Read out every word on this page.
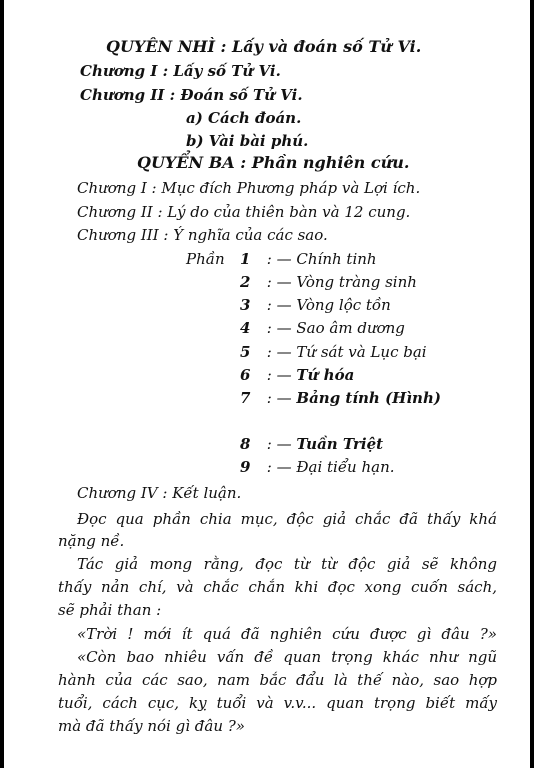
QUYÊN NHÌ : Lấy và đoán số Tử Vi.
Chương I : Lấy số Tử Vi.
Chương II : Đoán số Tử Vi.
a) Cách đoán.
b) Vài bài phú.
QUYỂN BA : Phần nghiên cứu.
Chương I : Mục đích Phương pháp và Lợi ích.
Chương II : Lý do của thiên bàn và 12 cung.
Chương III : Ý nghĩa của các sao.
Phần 1 : — Chính tinh
2 : — Vòng tràng sinh
3 : — Vòng lộc tồn
4 : — Sao âm dương
5 : — Tứ sát và Lục bại
6 : — Tứ hóa
7 : — Bảng tính (Hình)
8 : — Tuần Triệt
9 : — Đại tiểu hạn.
Chương IV : Kết luận.
Đọc qua phần chia mục, độc giả chắc đã thấy khá
nặng nề.
Tác giả mong rằng, đọc từ từ độc giả sẽ không
thấy nản chí, và chắc chắn khi đọc xong cuốn sách,
sẽ phải than :
«Trời ! mới ít quá đã nghiên cứu được gì đâu ?»
«Còn bao nhiêu vấn đề quan trọng khác như ngũ
hành của các sao, nam bắc đẩu là thế nào, sao hợp
tuổi, cách cục, kỵ tuổi và v.v... quan trọng biết mấy
mà đã thấy nói gì đâu ?»
